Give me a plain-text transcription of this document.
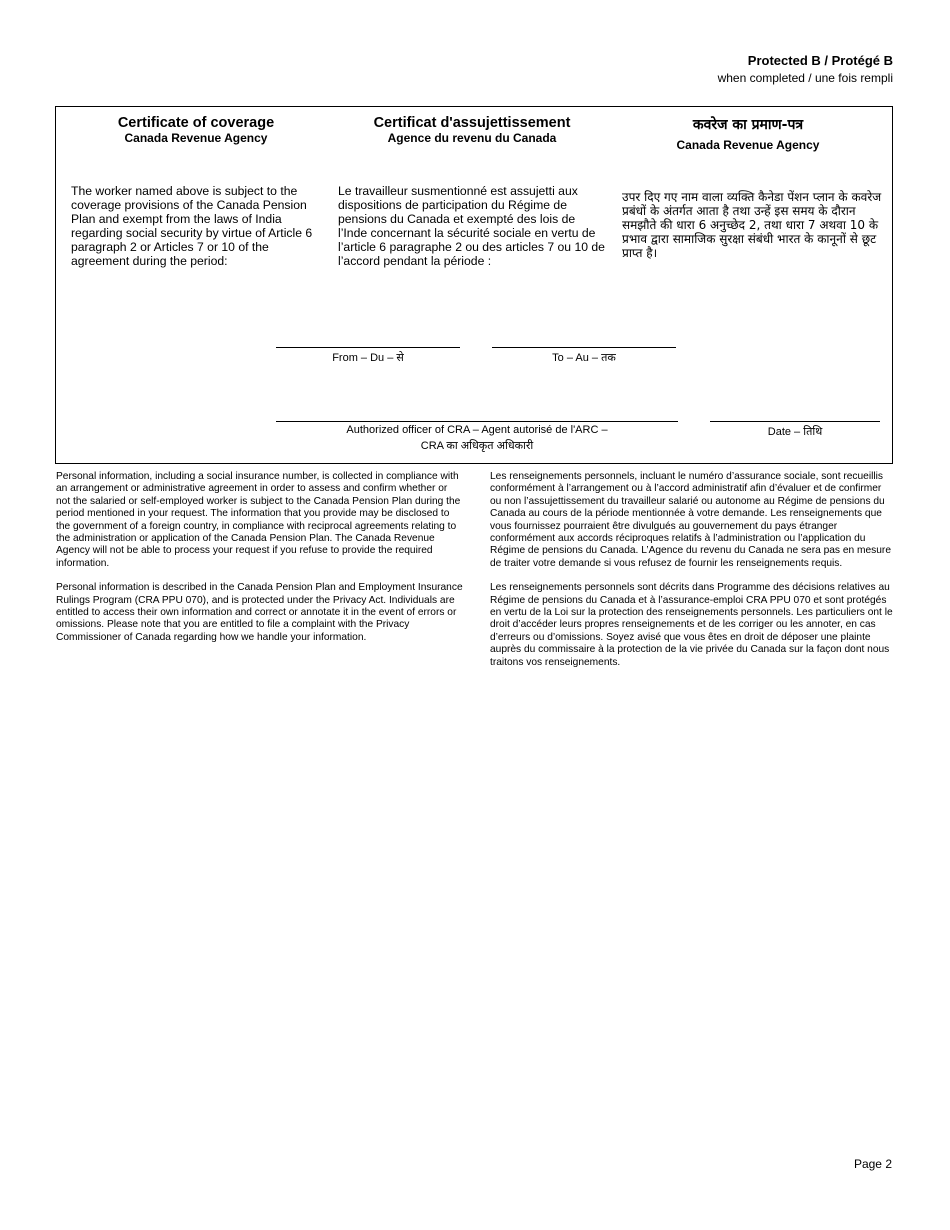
Protected B / Protégé B
when completed / une fois rempli
Certificate of coverage
Canada Revenue Agency
The worker named above is subject to the coverage provisions of the Canada Pension Plan and exempt from the laws of India regarding social security by virtue of Article 6 paragraph 2 or Articles 7 or 10 of the agreement during the period:
Certificat d'assujettissement
Agence du revenu du Canada
Le travailleur susmentionné est assujetti aux dispositions de participation du Régime de pensions du Canada et exempté des lois de l’Inde concernant la sécurité sociale en vertu de l’article 6 paragraphe 2 ou des articles 7 ou 10 de l’accord pendant la période :
कवरेज का प्रमाण-पत्र
Canada Revenue Agency
उपर दिए गए नाम वाला व्यक्ति कैनेडा पेंशन प्लान के कवरेज प्रबंधों के अंतर्गत आता है तथा उन्हें इस समय के दौरान समझौते की धारा 6 अनुच्छेद 2, तथा धारा 7 अथवा 10 के प्रभाव द्वारा सामाजिक सुरक्षा संबंधी भारत के कानूनों से छूट प्राप्त है।
From – Du – से	To – Au – तक
Authorized officer of CRA – Agent autorisé de l'ARC –
CRA का अधिकृत अधिकारी
Date – तिथि

Personal information, including a social insurance number, is collected in compliance with an arrangement or administrative agreement in order to assess and confirm whether or not the salaried or self-employed worker is subject to the Canada Pension Plan during the period mentioned in your request. The information that you provide may be disclosed to the government of a foreign country, in compliance with reciprocal agreements relating to the administration or application of the Canada Pension Plan. The Canada Revenue Agency will not be able to process your request if you refuse to provide the required information.

Personal information is described in the Canada Pension Plan and Employment Insurance Rulings Program (CRA PPU 070), and is protected under the Privacy Act. Individuals are entitled to access their own information and correct or annotate it in the event of errors or omissions. Please note that you are entitled to file a complaint with the Privacy Commissioner of Canada regarding how we handle your information.

Les renseignements personnels, incluant le numéro d’assurance sociale, sont recueillis conformément à l’arrangement ou à l’accord administratif afin d’évaluer et de confirmer ou non l’assujettissement du travailleur salarié ou autonome au Régime de pensions du Canada au cours de la période mentionnée à votre demande. Les renseignements que vous fournissez pourraient être divulgués au gouvernement du pays étranger conformément aux accords réciproques relatifs à l’administration ou l’application du Régime de pensions du Canada. L’Agence du revenu du Canada ne sera pas en mesure de traiter votre demande si vous refusez de fournir les renseignements requis.

Les renseignements personnels sont décrits dans Programme des décisions relatives au Régime de pensions du Canada et à l’assurance-emploi CRA PPU 070 et sont protégés en vertu de la Loi sur la protection des renseignements personnels. Les particuliers ont le droit d’accéder leurs propres renseignements et de les corriger ou les annoter, en cas d’erreurs ou d’omissions. Soyez avisé que vous êtes en droit de déposer une plainte auprès du commissaire à la protection de la vie privée du Canada sur la façon dont nous traitons vos renseignements.

Page 2
